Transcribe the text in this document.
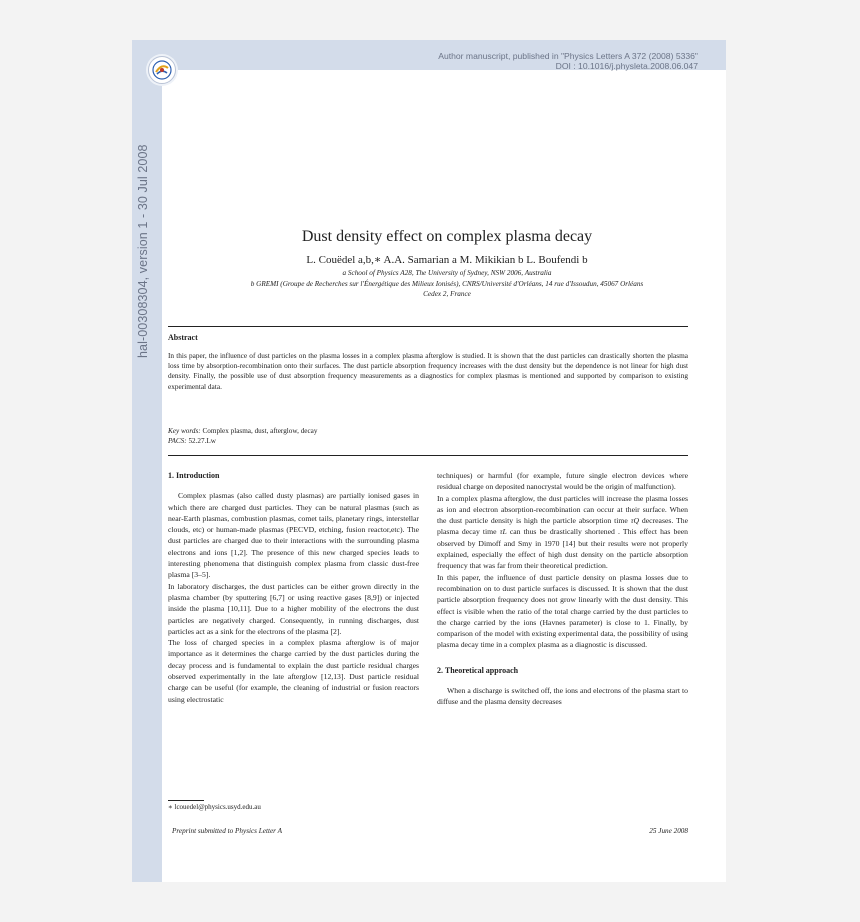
hal-00308304, version 1 - 30 Jul 2008
Author manuscript, published in "Physics Letters A 372 (2008) 5336"
DOI : 10.1016/j.physleta.2008.06.047
Dust density effect on complex plasma decay
L. Couëdel a,b,∗ A.A. Samarian a M. Mikikian b L. Boufendi b
a School of Physics A28, The University of Sydney, NSW 2006, Australia
b GREMI (Groupe de Recherches sur l'Énergétique des Milieux Ionisés), CNRS/Université d'Orléans, 14 rue d'Issoudun, 45067 Orléans
Cedex 2, France
Abstract
In this paper, the influence of dust particles on the plasma losses in a complex plasma afterglow is studied. It is shown that the dust particles can drastically shorten the plasma loss time by absorption-recombination onto their surfaces. The dust particle absorption frequency increases with the dust density but the dependence is not linear for high dust density. Finally, the possible use of dust absorption frequency measurements as a diagnostics for complex plasmas is mentioned and supported by comparison to existing experimental data.
Key words: Complex plasma, dust, afterglow, decay
PACS: 52.27.Lw
1. Introduction

Complex plasmas (also called dusty plasmas) are partially ionised gases in which there are charged dust particles. They can be natural plasmas (such as near-Earth plasmas, combustion plasmas, comet tails, planetary rings, interstellar clouds, etc) or human-made plasmas (PECVD, etching, fusion reactor,etc). The dust particles are charged due to their interactions with the surrounding plasma electrons and ions [1,2]. The presence of this new charged species leads to interesting phenomena that distinguish complex plasma from classic dust-free plasma [3–5].

In laboratory discharges, the dust particles can be either grown directly in the plasma chamber (by sputtering [6,7] or using reactive gases [8,9]) or injected inside the plasma [10,11]. Due to a higher mobility of the electrons the dust particles are negatively charged. Consequently, in running discharges, dust particles act as a sink for the electrons of the plasma [2].

The loss of charged species in a complex plasma afterglow is of major importance as it determines the charge carried by the dust particles during the decay process and is fundamental to explain the dust particle residual charges observed experimentally in the late afterglow [12,13]. Dust particle residual charge can be useful (for example, the cleaning of industrial or fusion reactors using electrostatic

techniques) or harmful (for example, future single electron devices where residual charge on deposited nanocrystal would be the origin of malfunction).

In a complex plasma afterglow, the dust particles will increase the plasma losses as ion and electron absorption-recombination can occur at their surface. When the dust particle density is high the particle absorption time τQ decreases. The plasma decay time τL can thus be drastically shortened . This effect has been observed by Dimoff and Smy in 1970 [14] but their results were not properly explained, especially the effect of high dust density on the particle absorption frequency that was far from their theoretical prediction.

In this paper, the influence of dust particle density on plasma losses due to recombination on to dust particle surfaces is discussed. It is shown that the dust particle absorption frequency does not grow linearly with the dust density. This effect is visible when the ratio of the total charge carried by the dust particles to the charge carried by the ions (Havnes parameter) is close to 1. Finally, by comparison of the model with existing experimental data, the possibility of using plasma decay time in a complex plasma as a diagnostic is discussed.

2. Theoretical approach

When a discharge is switched off, the ions and electrons of the plasma start to diffuse and the plasma density decreases

∗ lcouedel@physics.usyd.edu.au
Preprint submitted to Physics Letter A	25 June 2008
